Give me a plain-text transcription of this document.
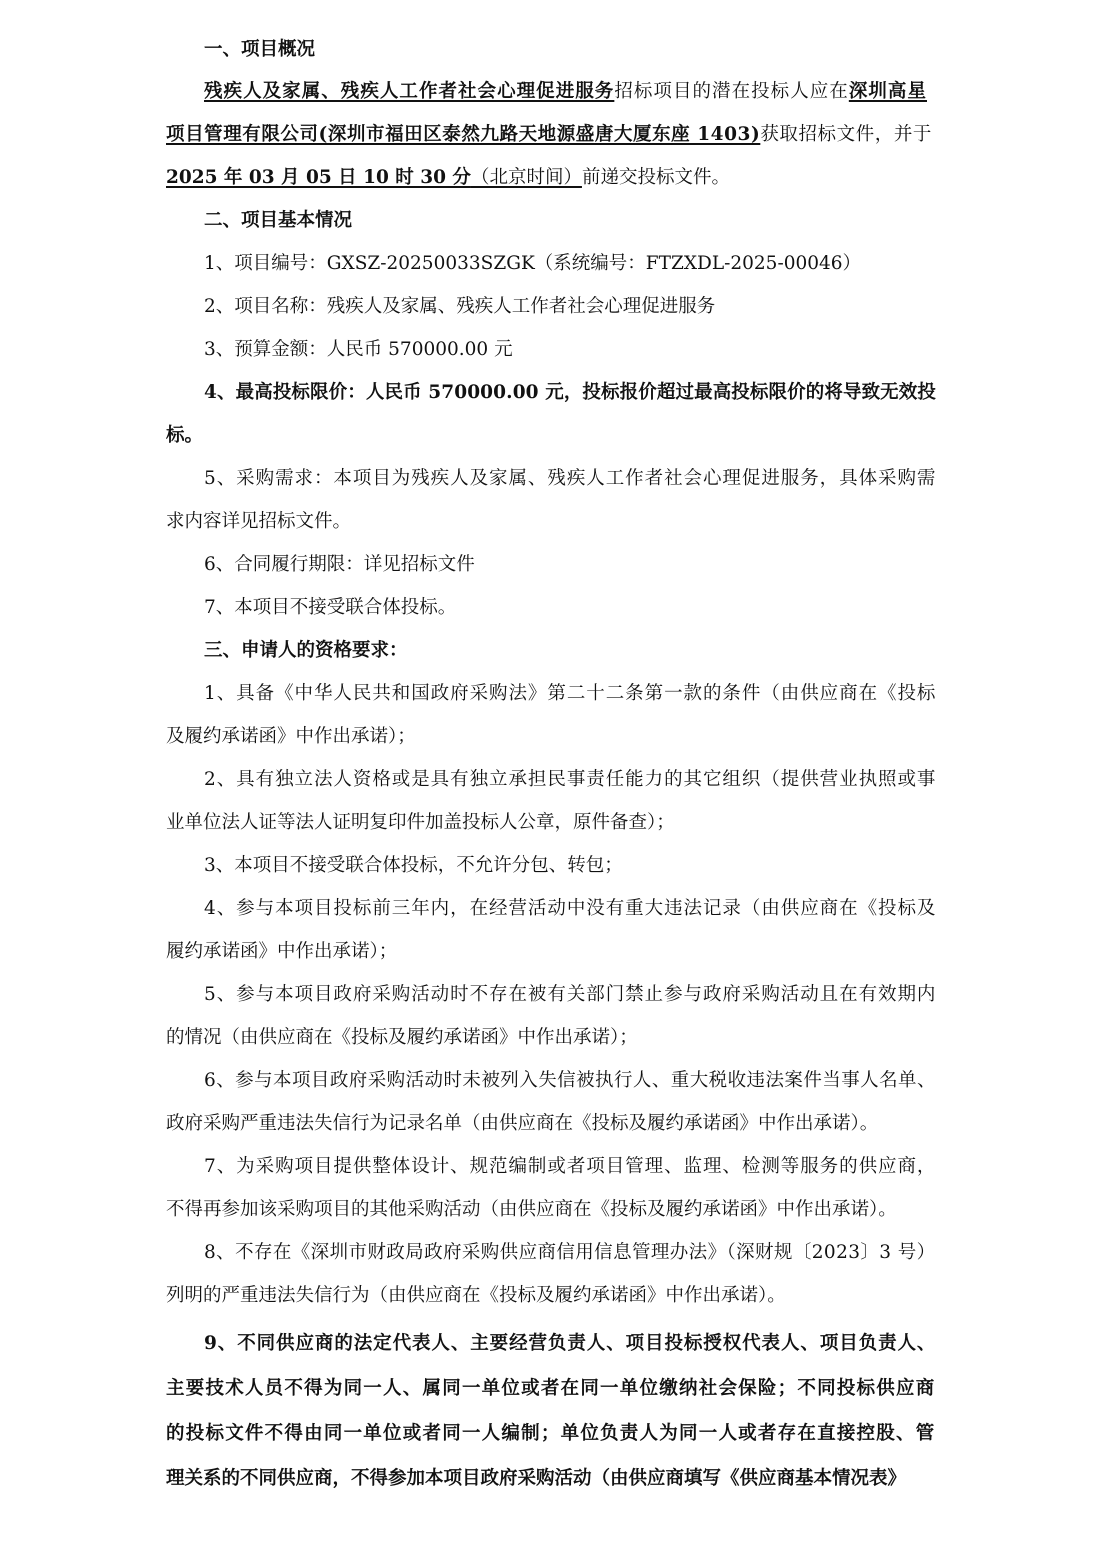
一、项目概况
残疾人及家属、残疾人工作者社会心理促进服务招标项目的潜在投标人应在深圳高星
项目管理有限公司(深圳市福田区泰然九路天地源盛唐大厦东座 1403)获取招标文件，并于
2025 年 03 月 05 日 10 时 30 分（北京时间）前递交投标文件。
二、项目基本情况
1、项目编号：GXSZ-20250033SZGK（系统编号：FTZXDL-2025-00046）
2、项目名称：残疾人及家属、残疾人工作者社会心理促进服务
3、预算金额：人民币 570000.00 元
4、最高投标限价：人民币 570000.00 元，投标报价超过最高投标限价的将导致无效投
标。
5、采购需求：本项目为残疾人及家属、残疾人工作者社会心理促进服务，具体采购需
求内容详见招标文件。
6、合同履行期限：详见招标文件
7、本项目不接受联合体投标。
三、申请人的资格要求：
1、具备《中华人民共和国政府采购法》第二十二条第一款的条件（由供应商在《投标
及履约承诺函》中作出承诺）；
2、具有独立法人资格或是具有独立承担民事责任能力的其它组织（提供营业执照或事
业单位法人证等法人证明复印件加盖投标人公章，原件备查）；
3、本项目不接受联合体投标，不允许分包、转包；
4、参与本项目投标前三年内，在经营活动中没有重大违法记录（由供应商在《投标及
履约承诺函》中作出承诺）；
5、参与本项目政府采购活动时不存在被有关部门禁止参与政府采购活动且在有效期内
的情况（由供应商在《投标及履约承诺函》中作出承诺）；
6、参与本项目政府采购活动时未被列入失信被执行人、重大税收违法案件当事人名单、
政府采购严重违法失信行为记录名单（由供应商在《投标及履约承诺函》中作出承诺）。
7、为采购项目提供整体设计、规范编制或者项目管理、监理、检测等服务的供应商，
不得再参加该采购项目的其他采购活动（由供应商在《投标及履约承诺函》中作出承诺）。
8、不存在《深圳市财政局政府采购供应商信用信息管理办法》（深财规〔2023〕3 号）
列明的严重违法失信行为（由供应商在《投标及履约承诺函》中作出承诺）。
9、不同供应商的法定代表人、主要经营负责人、项目投标授权代表人、项目负责人、
主要技术人员不得为同一人、属同一单位或者在同一单位缴纳社会保险；不同投标供应商
的投标文件不得由同一单位或者同一人编制；单位负责人为同一人或者存在直接控股、管
理关系的不同供应商，不得参加本项目政府采购活动（由供应商填写《供应商基本情况表》
